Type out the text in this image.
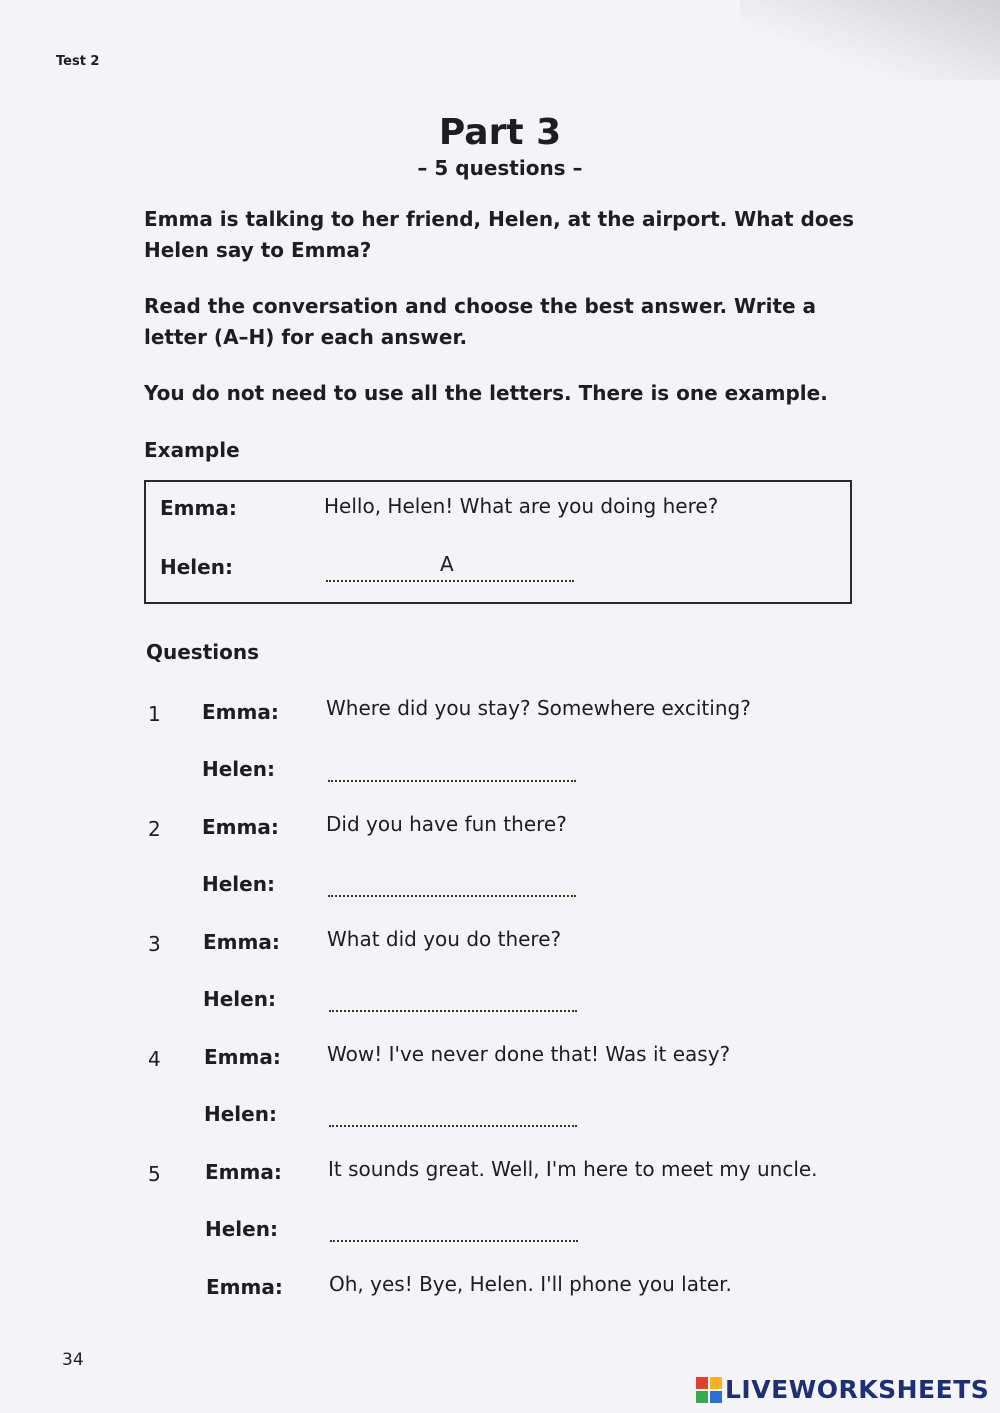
Test 2
Part 3
– 5 questions –
Emma is talking to her friend, Helen, at the airport. What does Helen say to Emma?
Read the conversation and choose the best answer. Write a letter (A–H) for each answer.
You do not need to use all the letters. There is one example.
Example
Emma:	Hello, Helen! What are you doing here?
Helen:	A
Questions
1 Emma: Where did you stay? Somewhere exciting?
Helen:
2 Emma: Did you have fun there?
Helen:
3 Emma: What did you do there?
Helen:
4 Emma: Wow! I've never done that! Was it easy?
Helen:
5 Emma: It sounds great. Well, I'm here to meet my uncle.
Helen:
Emma: Oh, yes! Bye, Helen. I'll phone you later.
34
LIVEWORKSHEETS
